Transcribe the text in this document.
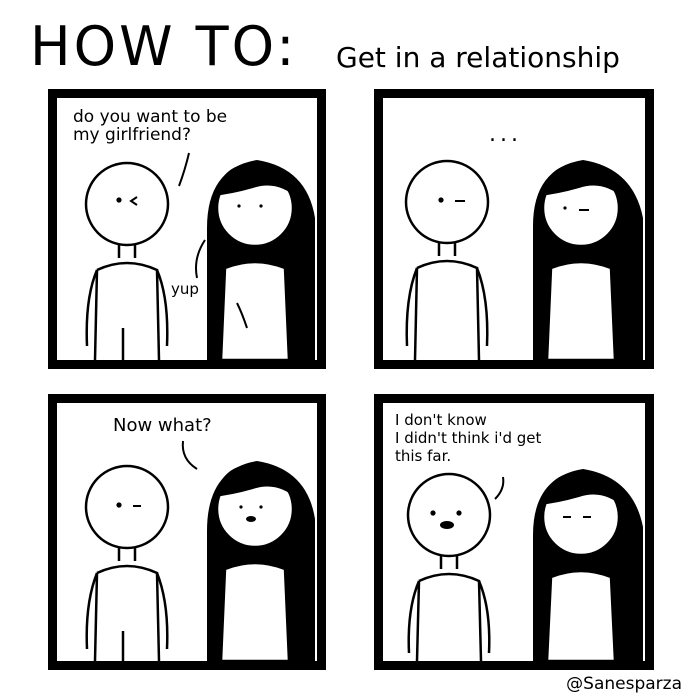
HOW TO: Get in a relationship
do you want to be
my girlfriend?
yup
...
Now what?	I don't know
I didn't think i'd get
this far.
@Sanesparza
